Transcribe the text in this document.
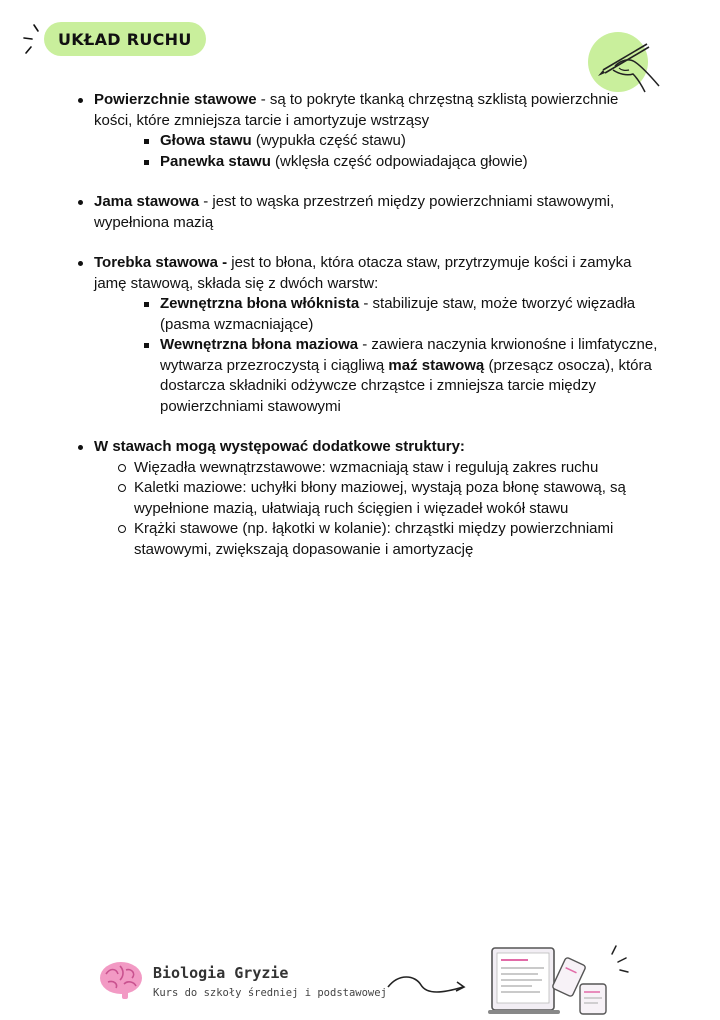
UKŁAD RUCHU
Powierzchnie stawowe - są to pokryte tkanką chrzęstną szklistą powierzchnie kości, które zmniejsza tarcie i amortyzuje wstrząsy
Głowa stawu (wypukła część stawu)
Panewka stawu (wklęsła część odpowiadająca głowie)
Jama stawowa - jest to wąska przestrzeń między powierzchniami stawowymi, wypełniona mazią
Torebka stawowa - jest to błona, która otacza staw, przytrzymuje kości i zamyka jamę stawową, składa się z dwóch warstw:
Zewnętrzna błona włóknista - stabilizuje staw, może tworzyć więzadła (pasma wzmacniające)
Wewnętrzna błona maziowa - zawiera naczynia krwionośne i limfatyczne, wytwarza przezroczystą i ciągliwą maź stawową (przesącz osocza), która dostarcza składniki odżywcze chrząstce i zmniejsza tarcie między powierzchniami stawowymi
W stawach mogą występować dodatkowe struktury:
Więzadła wewnątrzstawowe: wzmacniają staw i regulują zakres ruchu
Kaletki maziowe: uchyłki błony maziowej, wystają poza błonę stawową, są wypełnione mazią, ułatwiają ruch ścięgien i więzadeł wokół stawu
Krążki stawowe (np. łąkotki w kolanie): chrząstki między powierzchniami stawowymi, zwiększają dopasowanie i amortyzację
Biologia Gryzie
Kurs do szkoły średniej i podstawowej
